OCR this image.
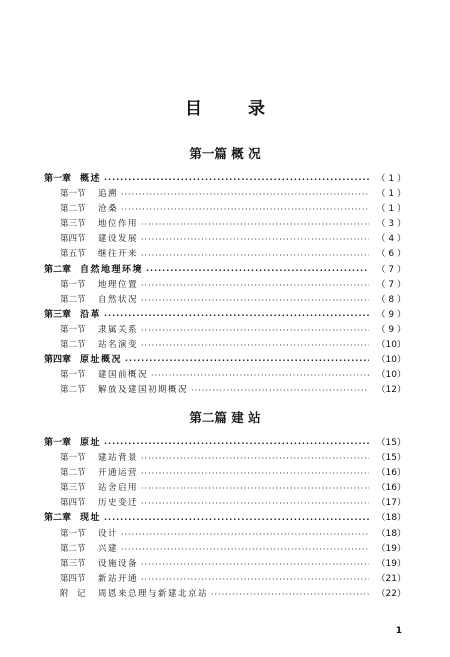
目 录
第一篇 概 况
第一章 概述 ·····	（ 1 ）
第一节	追溯 ·····	（ 1 ）
第二节	沧桑 ·····	（ 1 ）
第三节	地位作用 ·····	（ 3 ）
第四节	建设发展 ·····	（ 4 ）
第五节	继往开来 ·····	（ 6 ）
第二章 自然地理环境 ·····	（ 7 ）
第一节	地理位置 ·····	（ 7 ）
第二节	自然状况 ·····	（ 8 ）
第三章 沿革 ·····	（ 9 ）
第一节	隶属关系 ·····	（ 9 ）
第二节	站名演变 ·····	（10）
第四章 原址概况 ·····	（10）
第一节	建国前概况 ·····	（10）
第二节	解放及建国初期概况 ·····	（12）
第二篇 建 站
第一章 原址 ·····	（15）
第一节	建站背景 ·····	（15）
第二节	开通运营 ·····	（16）
第三节	站舍启用 ·····	（16）
第四节	历史变迁 ·····	（17）
第二章 现址 ·····	（18）
第一节	设计 ·····	（18）
第二节	兴建 ·····	（19）
第三节	设施设备 ·····	（19）
第四节	新站开通 ·····	（21）
附　记	周恩来总理与新建北京站 ·····	（22）
1
